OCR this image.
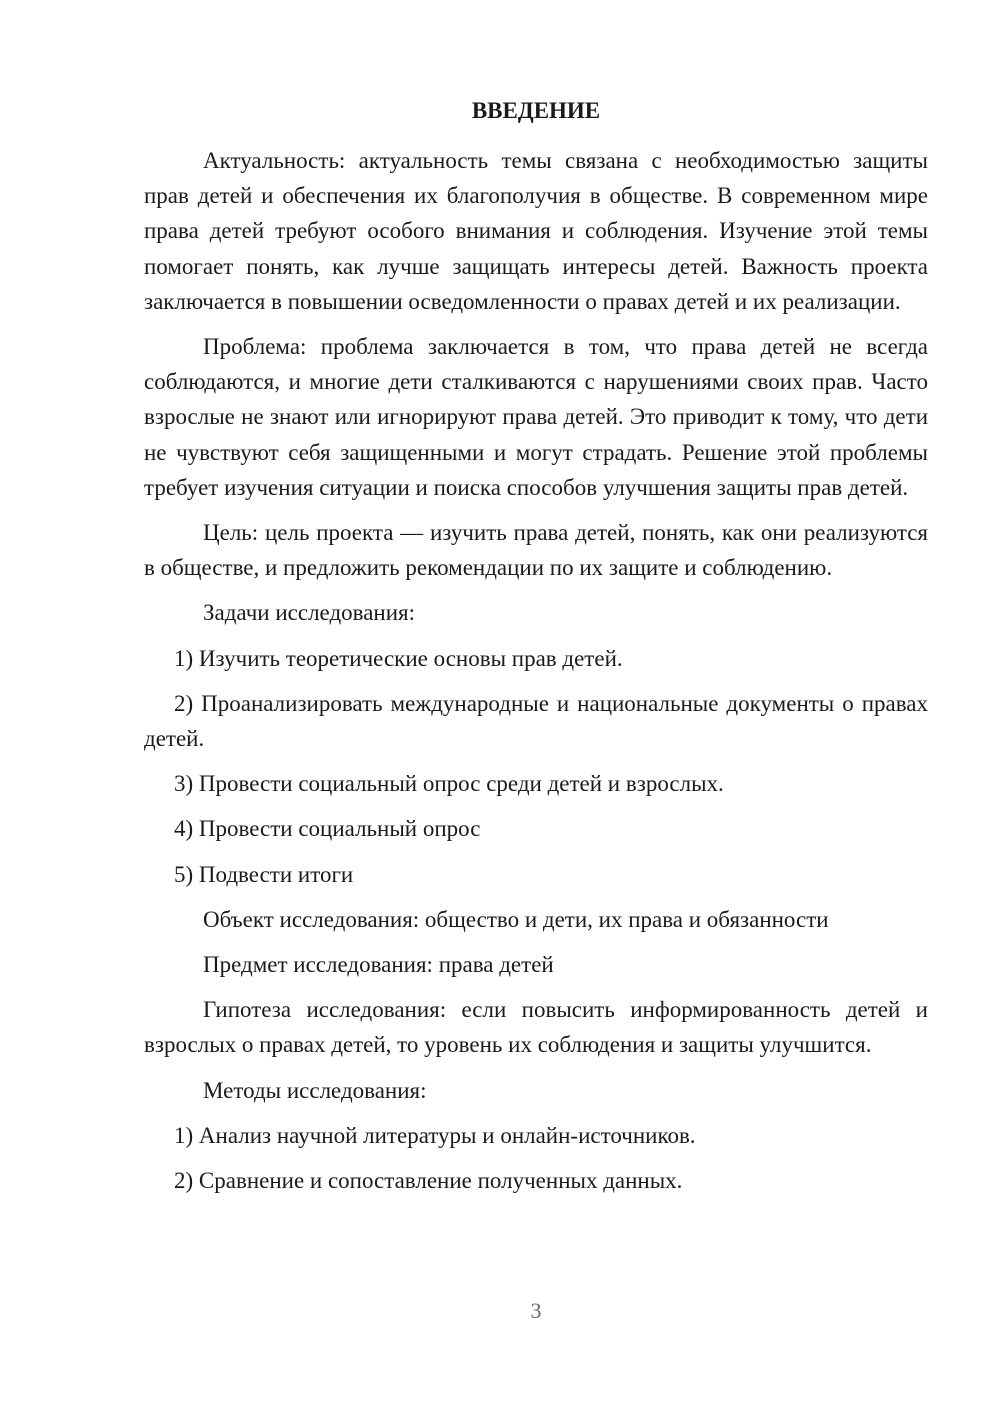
ВВЕДЕНИЕ

Актуальность: актуальность темы связана с необходимостью защиты прав детей и обеспечения их благополучия в обществе. В современном мире права детей требуют особого внимания и соблюдения. Изучение этой темы помогает понять, как лучше защищать интересы детей. Важность проекта заключается в повышении осведомленности о правах детей и их реализации.

Проблема: проблема заключается в том, что права детей не всегда соблюдаются, и многие дети сталкиваются с нарушениями своих прав. Часто взрослые не знают или игнорируют права детей. Это приводит к тому, что дети не чувствуют себя защищенными и могут страдать. Решение этой проблемы требует изучения ситуации и поиска способов улучшения защиты прав детей.

Цель: цель проекта — изучить права детей, понять, как они реализуются в обществе, и предложить рекомендации по их защите и соблюдению.

Задачи исследования:

1) Изучить теоретические основы прав детей.

2) Проанализировать международные и национальные документы о правах детей.

3) Провести социальный опрос среди детей и взрослых.

4) Провести социальный опрос

5) Подвести итоги

Объект исследования: общество и дети, их права и обязанности

Предмет исследования: права детей

Гипотеза исследования: если повысить информированность детей и взрослых о правах детей, то уровень их соблюдения и защиты улучшится.

Методы исследования:

1) Анализ научной литературы и онлайн-источников.

2) Сравнение и сопоставление полученных данных.

3
